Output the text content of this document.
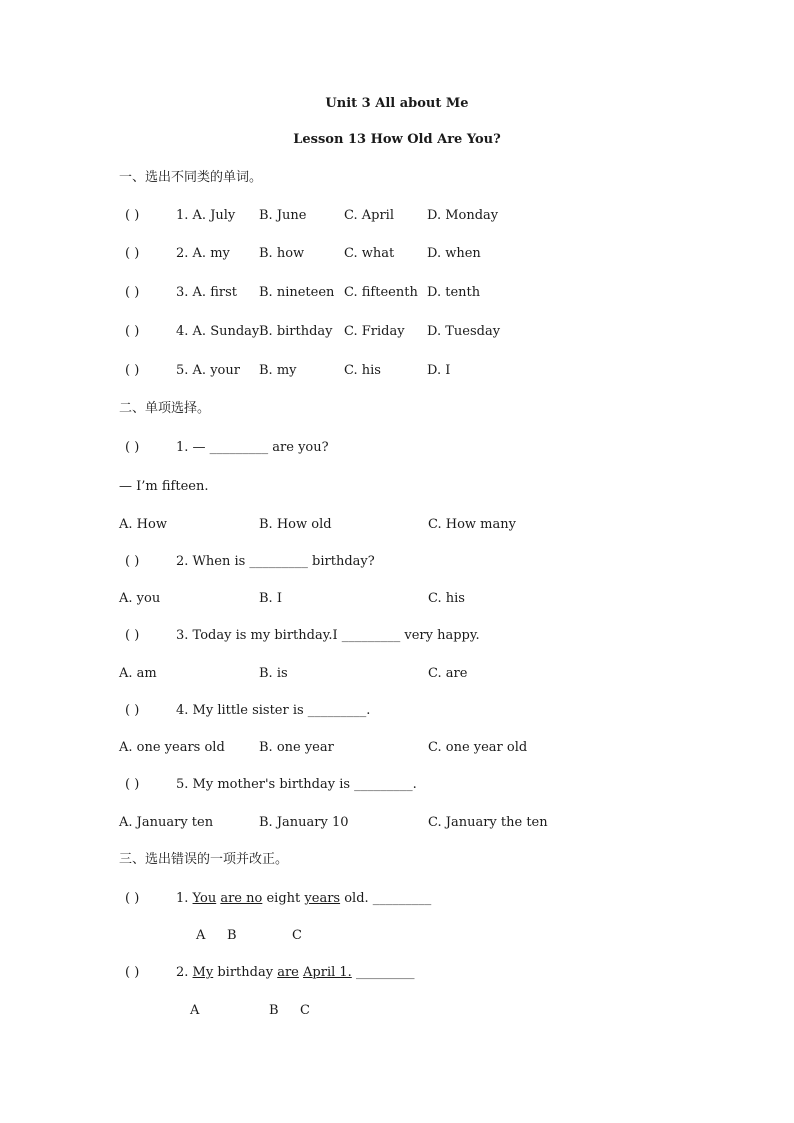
Unit 3 All about Me
Lesson 13 How Old Are You?
一、选出不同类的单词。
( )	1. A. July B. June	C. April	D. Monday
( )	2. A. my B. how	C. what	D. when
( )	3. A. first B. nineteen C. fifteenth D. tenth
( )	4. A. Sunday B. birthday C. Friday D. Tuesday
( )	5. A. your B. my	C. his	D. I
二、单项选择。
( )	1. — _________ are you?
— I’m fifteen.
A. How	B. How old	C. How many
( )	2. When is _________ birthday?
A. you	B. I	C. his
( )	3. Today is my birthday.I _________ very happy.
A. am	B. is	C. are
( )	4. My little sister is _________.
A. one years old	B. one year	C. one year old
( )	5. My mother's birthday is _________.
A. January ten	B. January 10	C. January the ten
三、选出错误的一项并改正。
( )	1. You are no eight years old. _________
A B	C
( )	2. My birthday are April 1. _________
A	B C
